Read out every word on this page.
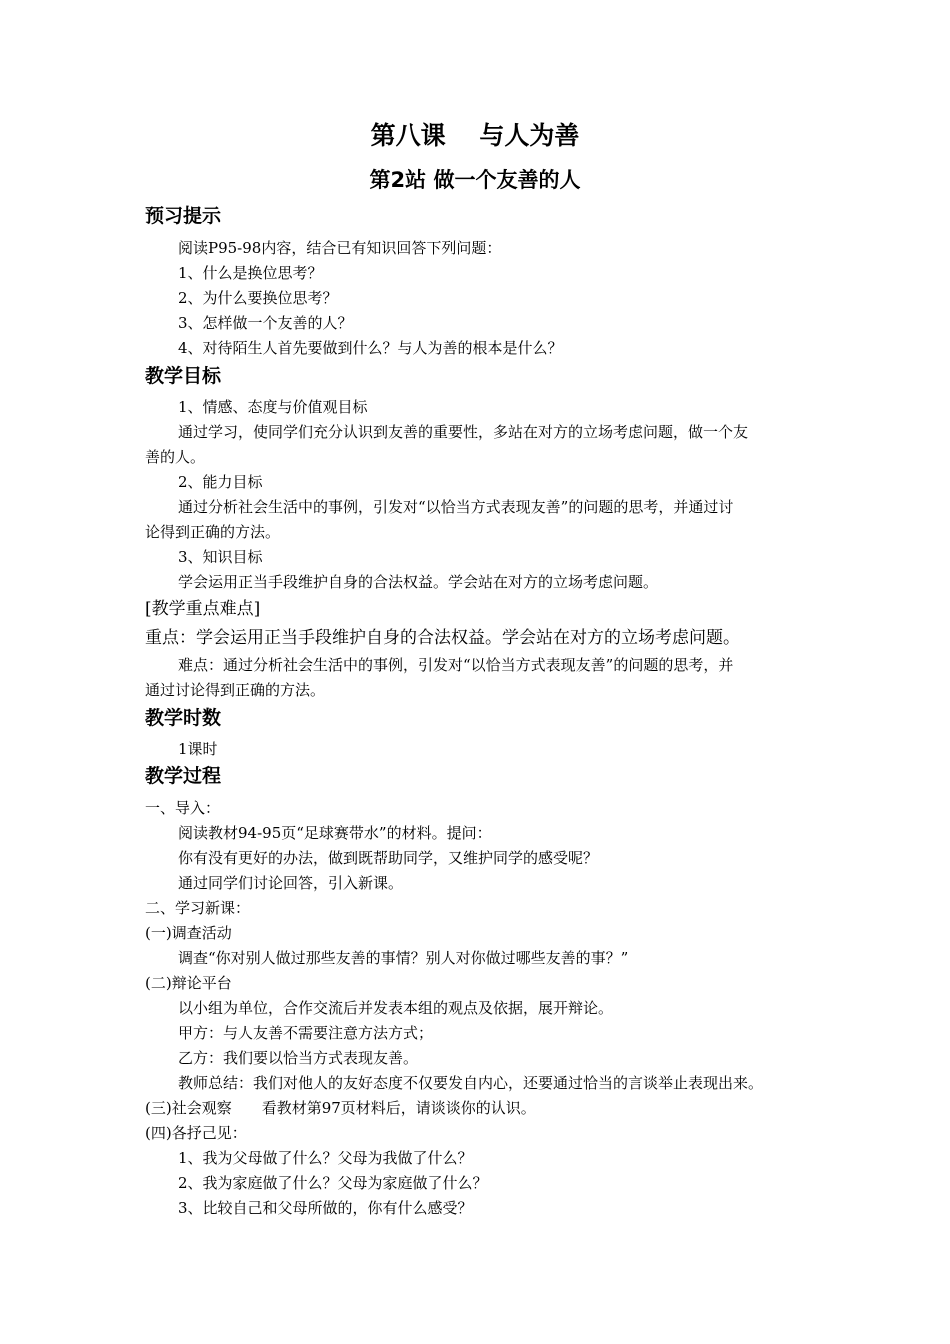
第八课　 与人为善
第2站 做一个友善的人
预习提示
阅读P95-98内容，结合已有知识回答下列问题：
1、什么是换位思考？
2、为什么要换位思考？
3、怎样做一个友善的人？
4、对待陌生人首先要做到什么？与人为善的根本是什么？
教学目标
1、情感、态度与价值观目标
通过学习，使同学们充分认识到友善的重要性，多站在对方的立场考虑问题，做一个友
善的人。
2、能力目标
通过分析社会生活中的事例，引发对“以恰当方式表现友善”的问题的思考，并通过讨
论得到正确的方法。
3、知识目标
学会运用正当手段维护自身的合法权益。学会站在对方的立场考虑问题。
[教学重点难点]
重点：学会运用正当手段维护自身的合法权益。学会站在对方的立场考虑问题。
难点：通过分析社会生活中的事例，引发对“以恰当方式表现友善”的问题的思考，并
通过讨论得到正确的方法。
教学时数
1课时
教学过程
一、导入：
阅读教材94-95页“足球赛带水”的材料。提问：
你有没有更好的办法，做到既帮助同学，又维护同学的感受呢？
通过同学们讨论回答，引入新课。
二、学习新课：
(一)调查活动
调查“你对别人做过那些友善的事情？别人对你做过哪些友善的事？”
(二)辩论平台
以小组为单位，合作交流后并发表本组的观点及依据，展开辩论。
甲方：与人友善不需要注意方法方式；
乙方：我们要以恰当方式表现友善。
教师总结：我们对他人的友好态度不仅要发自内心，还要通过恰当的言谈举止表现出来。
(三)社会观察　　看教材第97页材料后，请谈谈你的认识。
(四)各抒己见：
1、我为父母做了什么？父母为我做了什么？
2、我为家庭做了什么？父母为家庭做了什么？
3、比较自己和父母所做的，你有什么感受？
